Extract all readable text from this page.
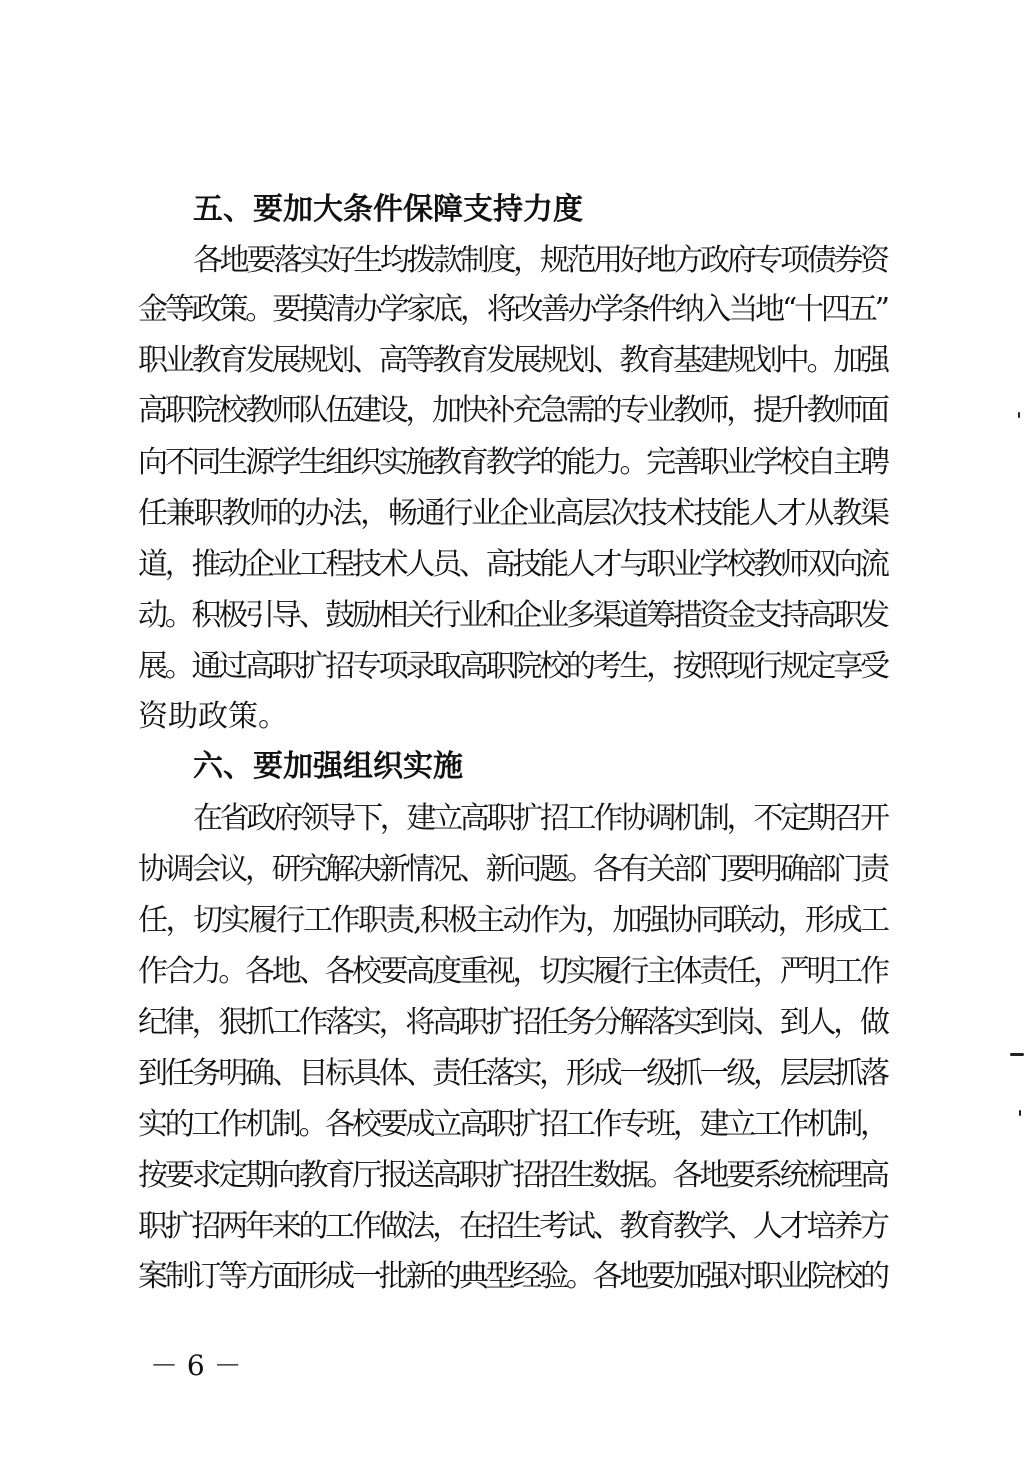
五、要加大条件保障支持力度
各地要落实好生均拨款制度，规范用好地方政府专项债券资
金等政策。要摸清办学家底，将改善办学条件纳入当地“十四五”
职业教育发展规划、高等教育发展规划、教育基建规划中。加强
高职院校教师队伍建设，加快补充急需的专业教师，提升教师面
向不同生源学生组织实施教育教学的能力。完善职业学校自主聘
任兼职教师的办法，畅通行业企业高层次技术技能人才从教渠
道，推动企业工程技术人员、高技能人才与职业学校教师双向流
动。积极引导、鼓励相关行业和企业多渠道筹措资金支持高职发
展。通过高职扩招专项录取高职院校的考生，按照现行规定享受
资助政策。
六、要加强组织实施
在省政府领导下，建立高职扩招工作协调机制，不定期召开
协调会议，研究解决新情况、新问题。各有关部门要明确部门责
任，切实履行工作职责,积极主动作为，加强协同联动，形成工
作合力。各地、各校要高度重视，切实履行主体责任，严明工作
纪律，狠抓工作落实，将高职扩招任务分解落实到岗、到人，做
到任务明确、目标具体、责任落实，形成一级抓一级，层层抓落
实的工作机制。各校要成立高职扩招工作专班，建立工作机制，
按要求定期向教育厅报送高职扩招招生数据。各地要系统梳理高
职扩招两年来的工作做法，在招生考试、教育教学、人才培养方
案制订等方面形成一批新的典型经验。各地要加强对职业院校的
－ 6 －
